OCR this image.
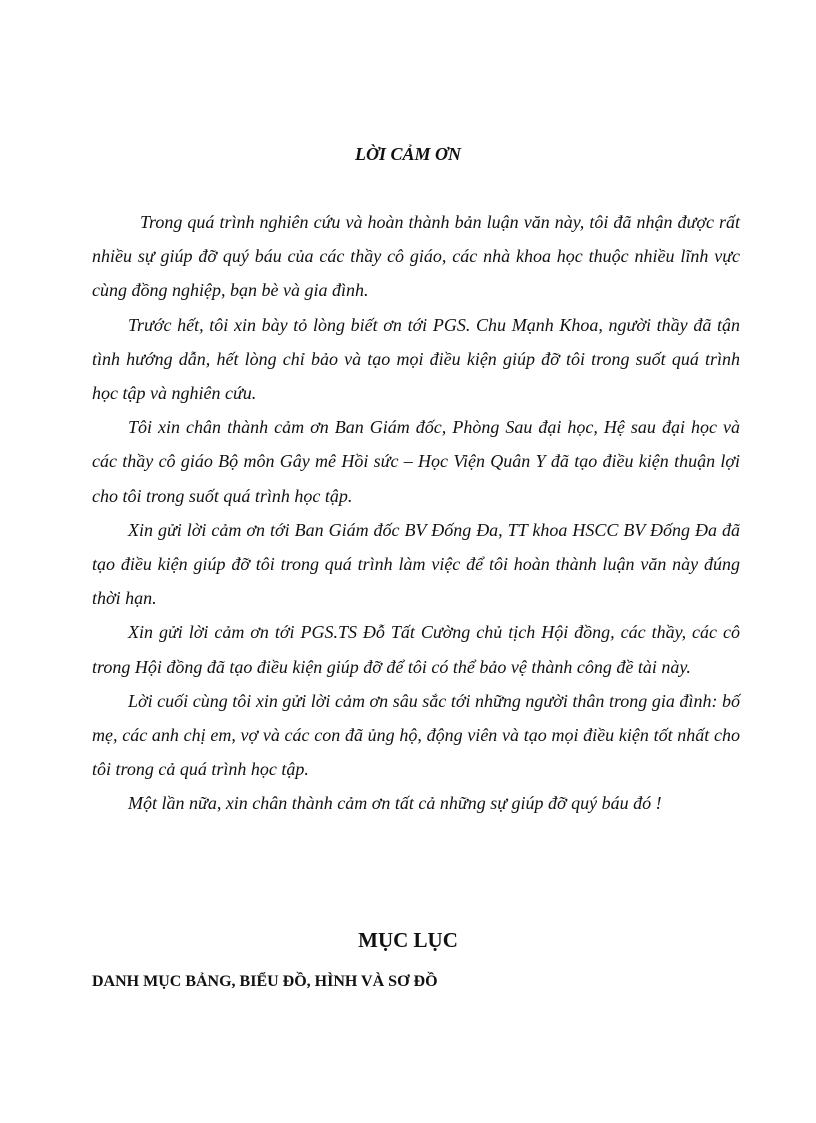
LỜI CẢM ƠN

Trong quá trình nghiên cứu và hoàn thành bản luận văn này, tôi đã nhận được rất nhiều sự giúp đỡ quý báu của các thầy cô giáo, các nhà khoa học thuộc nhiều lĩnh vực cùng đồng nghiệp, bạn bè và gia đình.

Trước hết, tôi xin bày tỏ lòng biết ơn tới PGS. Chu Mạnh Khoa, người thầy đã tận tình hướng dẫn, hết lòng chỉ bảo và tạo mọi điều kiện giúp đỡ tôi trong suốt quá trình học tập và nghiên cứu.

Tôi xin chân thành cảm ơn Ban Giám đốc, Phòng Sau đại học, Hệ sau đại học và các thầy cô giáo Bộ môn Gây mê Hồi sức – Học Viện Quân Y đã tạo điều kiện thuận lợi cho tôi trong suốt quá trình học tập.

Xin gửi lời cảm ơn tới Ban Giám đốc BV Đống Đa, TT khoa HSCC BV Đống Đa đã tạo điều kiện giúp đỡ tôi trong quá trình làm việc để tôi hoàn thành luận văn này đúng thời hạn.

Xin gửi lời cảm ơn tới PGS.TS Đỗ Tất Cường chủ tịch Hội đồng, các thầy, các cô trong Hội đồng đã tạo điều kiện giúp đỡ để tôi có thể bảo vệ thành công đề tài này.

Lời cuối cùng tôi xin gửi lời cảm ơn sâu sắc tới những người thân trong gia đình: bố mẹ, các anh chị em, vợ và các con đã ủng hộ, động viên và tạo mọi điều kiện tốt nhất cho tôi trong cả quá trình học tập.

Một lần nữa, xin chân thành cảm ơn tất cả những sự giúp đỡ quý báu đó !

MỤC LỤC
DANH MỤC BẢNG, BIỂU ĐỒ, HÌNH VÀ SƠ ĐỒ
